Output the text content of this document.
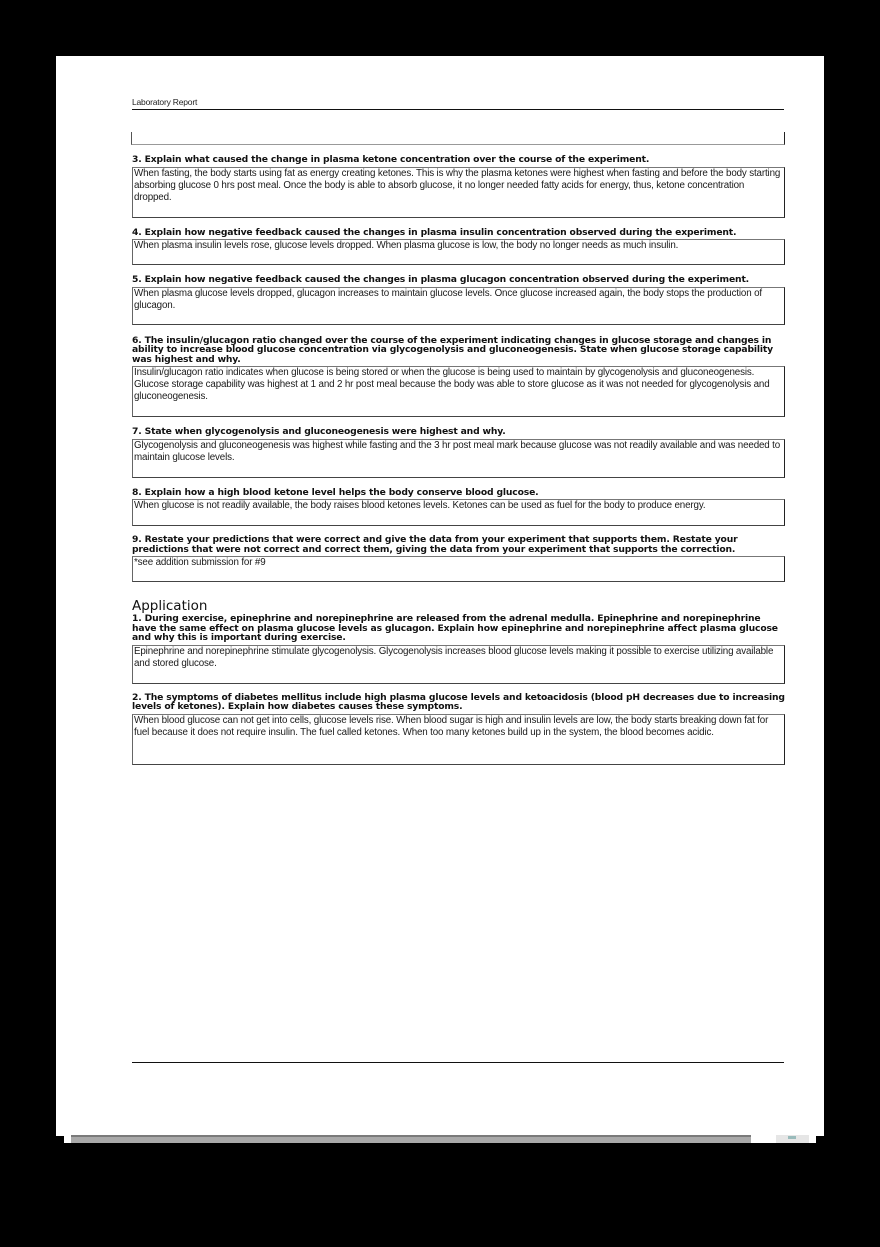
Laboratory Report
3. Explain what caused the change in plasma ketone concentration over the course of the experiment.
When fasting, the body starts using fat as energy creating ketones. This is why the plasma ketones were highest when fasting and before the body starting absorbing glucose 0 hrs post meal. Once the body is able to absorb glucose, it no longer needed fatty acids for energy, thus, ketone concentration dropped.
4. Explain how negative feedback caused the changes in plasma insulin concentration observed during the experiment.
When plasma insulin levels rose, glucose levels dropped. When plasma glucose is low, the body no longer needs as much insulin.
5. Explain how negative feedback caused the changes in plasma glucagon concentration observed during the experiment.
When plasma glucose levels dropped, glucagon increases to maintain glucose levels. Once glucose increased again, the body stops the production of glucagon.
6. The insulin/glucagon ratio changed over the course of the experiment indicating changes in glucose storage and changes in ability to increase blood glucose concentration via glycogenolysis and gluconeogenesis. State when glucose storage capability was highest and why.
Insulin/glucagon ratio indicates when glucose is being stored or when the glucose is being used to maintain by glycogenolysis and gluconeogenesis. Glucose storage capability was highest at 1 and 2 hr post meal because the body was able to store glucose as it was not needed for glycogenolysis and gluconeogenesis.
7. State when glycogenolysis and gluconeogenesis were highest and why.
Glycogenolysis and gluconeogenesis was highest while fasting and the 3 hr post meal mark because glucose was not readily available and was needed to maintain glucose levels.
8. Explain how a high blood ketone level helps the body conserve blood glucose.
When glucose is not readily available, the body raises blood ketones levels. Ketones can be used as fuel for the body to produce energy.
9. Restate your predictions that were correct and give the data from your experiment that supports them. Restate your predictions that were not correct and correct them, giving the data from your experiment that supports the correction.
*see addition submission for #9
Application
1. During exercise, epinephrine and norepinephrine are released from the adrenal medulla. Epinephrine and norepinephrine have the same effect on plasma glucose levels as glucagon. Explain how epinephrine and norepinephrine affect plasma glucose and why this is important during exercise.
Epinephrine and norepinephrine stimulate glycogenolysis. Glycogenolysis increases blood glucose levels making it possible to exercise utilizing available and stored glucose.
2. The symptoms of diabetes mellitus include high plasma glucose levels and ketoacidosis (blood pH decreases due to increasing levels of ketones). Explain how diabetes causes these symptoms.
When blood glucose can not get into cells, glucose levels rise. When blood sugar is high and insulin levels are low, the body starts breaking down fat for fuel because it does not require insulin. The fuel called ketones. When too many ketones build up in the system, the blood becomes acidic.
